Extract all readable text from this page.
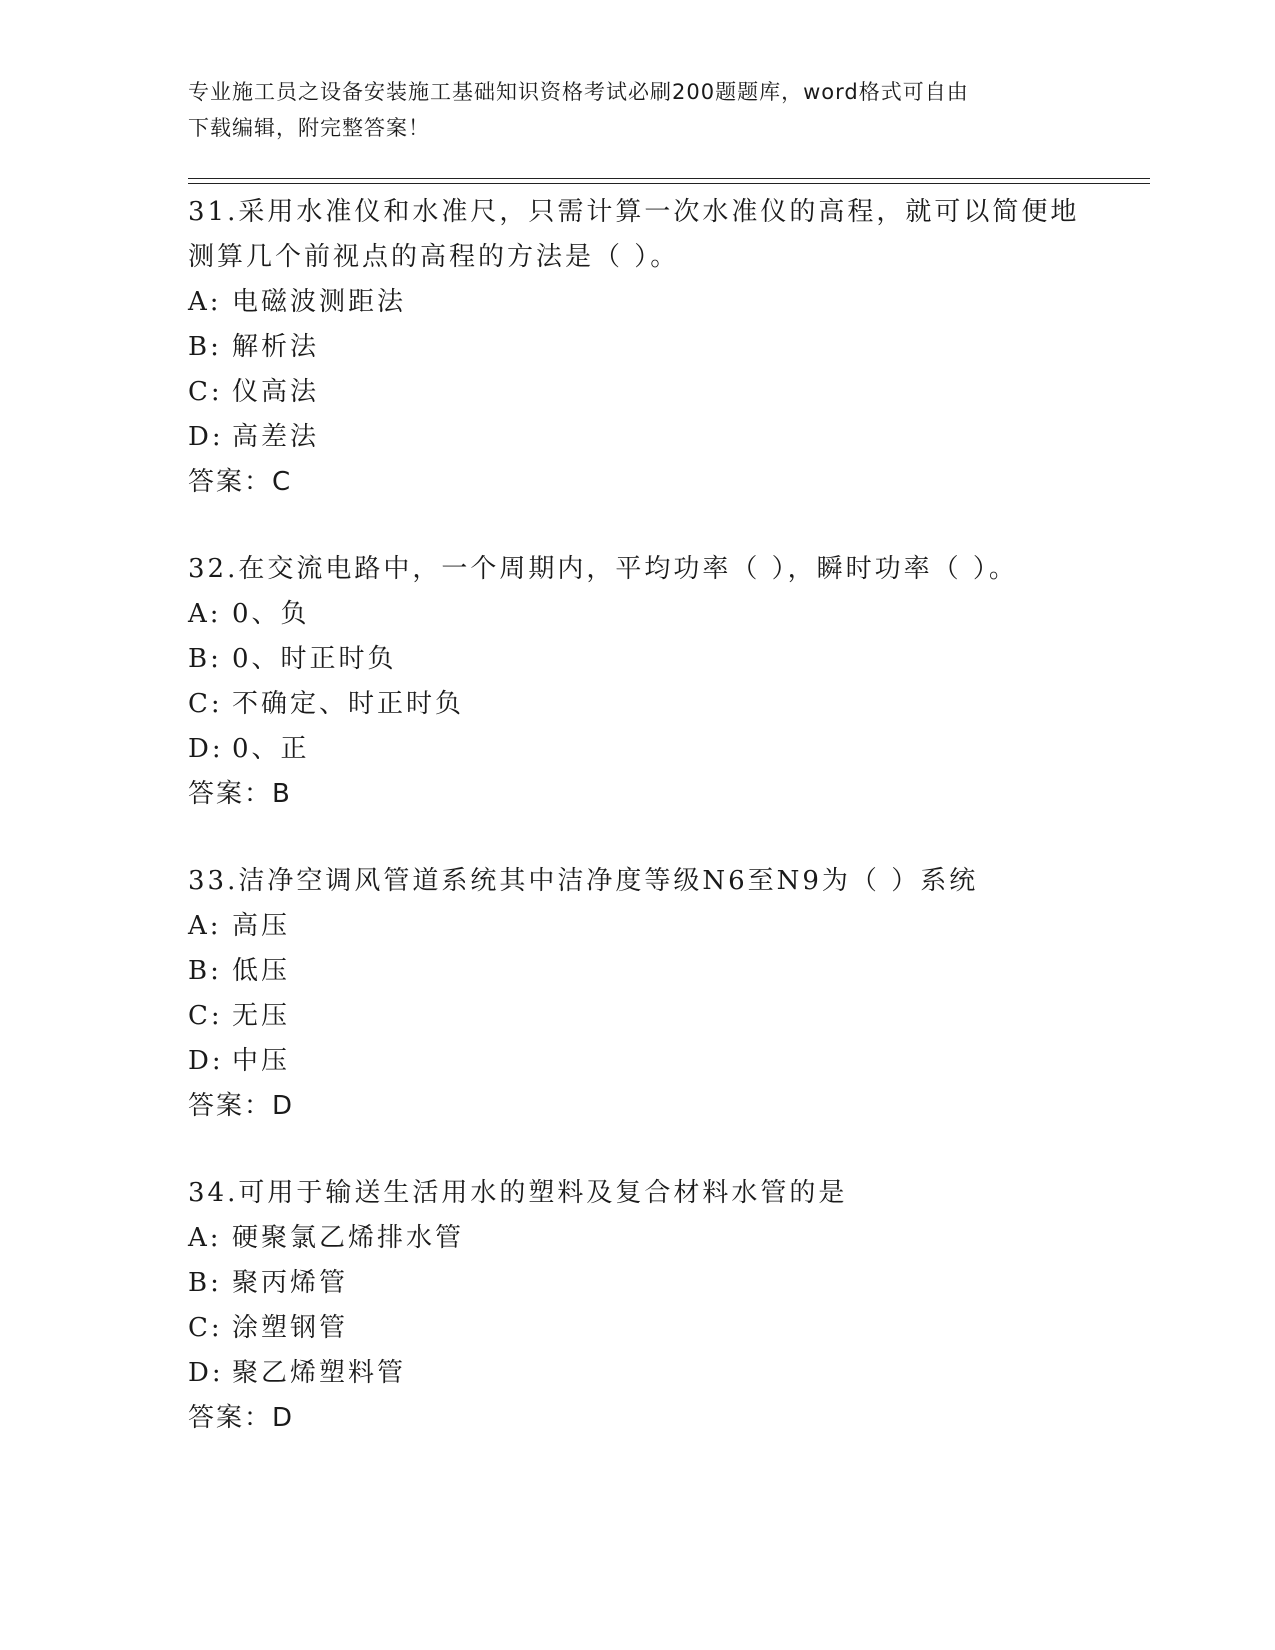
专业施工员之设备安装施工基础知识资格考试必刷200题题库，word格式可自由
下载编辑，附完整答案！

31.采用水准仪和水准尺，只需计算一次水准仪的高程，就可以简便地

测算几个前视点的高程的方法是（ ）。

A: 电磁波测距法

B: 解析法

C: 仪高法

D: 高差法

答案：C

32.在交流电路中，一个周期内，平均功率（ ），瞬时功率（ ）。

A: 0、负

B: 0、时正时负

C: 不确定、时正时负

D: 0、正

答案：B

33.洁净空调风管道系统其中洁净度等级N6至N9为（ ）系统

A: 高压

B: 低压

C: 无压

D: 中压

答案：D

34.可用于输送生活用水的塑料及复合材料水管的是

A: 硬聚氯乙烯排水管

B: 聚丙烯管

C: 涂塑钢管

D: 聚乙烯塑料管

答案：D
